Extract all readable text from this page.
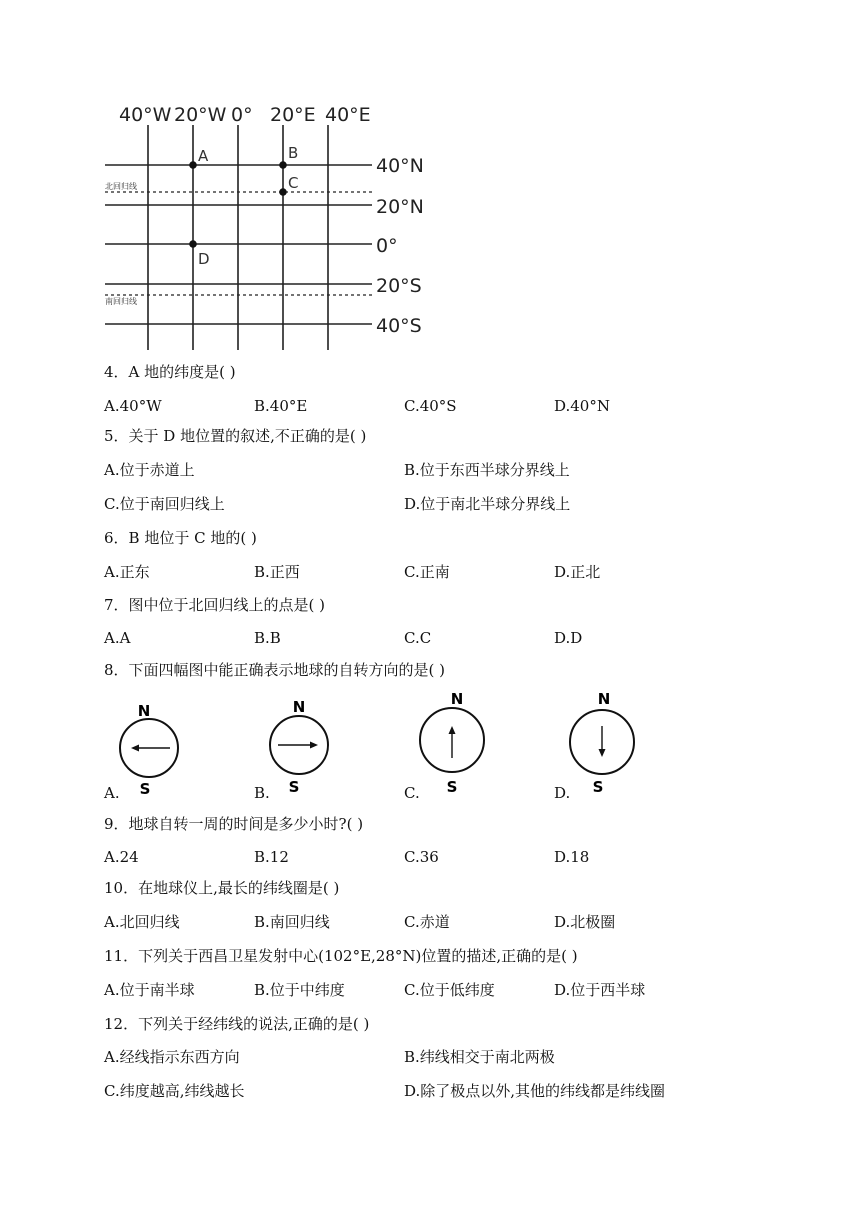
40°W 20°W 0° 20°E 40°E
40°N
20°N
0°
20°S
40°S
A	B
C
D
北回归线
南回归线
4．A 地的纬度是( )
A.40°W	B.40°E	C.40°S	D.40°N
5．关于 D 地位置的叙述,不正确的是( )
A.位于赤道上	B.位于东西半球分界线上
C.位于南回归线上	D.位于南北半球分界线上
6．B 地位于 C 地的( )
A.正东	B.正西	C.正南	D.正北
7．图中位于北回归线上的点是( )
A.A	B.B	C.C	D.D
8．下面四幅图中能正确表示地球的自转方向的是( )
N
S
A.
N
S
B.
N
S
C.
N
S
D.
9．地球自转一周的时间是多少小时?( )
A.24	B.12	C.36	D.18
10．在地球仪上,最长的纬线圈是( )
A.北回归线	B.南回归线	C.赤道	D.北极圈
11．下列关于西昌卫星发射中心(102°E,28°N)位置的描述,正确的是( )
A.位于南半球	B.位于中纬度	C.位于低纬度	D.位于西半球
12．下列关于经纬线的说法,正确的是( )
A.经线指示东西方向	B.纬线相交于南北两极
C.纬度越高,纬线越长	D.除了极点以外,其他的纬线都是纬线圈
